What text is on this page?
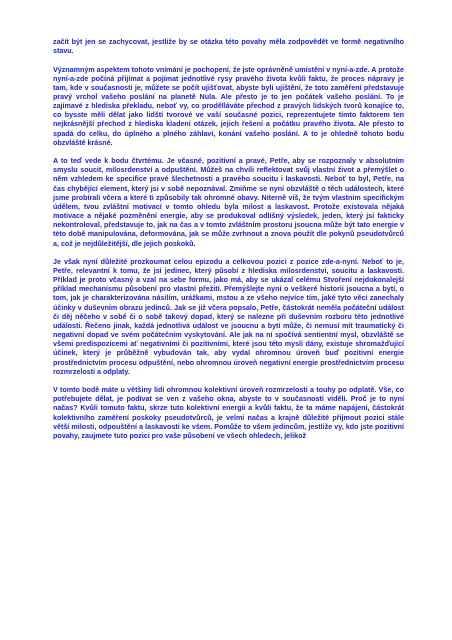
začít být jen se zachycovat, jestliže by se otázka této povahy měla zodpovědět ve formě negativního stavu.

Významným aspektem tohoto vnímání je pochopení, že jste oprávněně umístění v nyní-a-zde. A protože nyní-a-zde počíná přijímat a pojímat jednotlivé rysy pravého života kvůli faktu, že proces nápravy je tam, kde v současnosti je, můžete se počít ujišťovat, abyste byli ujištění, že toto zaměření představuje pravý vrchol vašeho poslání na planetě Nula. Ale přesto je to jen počátek vašeho poslání. To je zajímavé z hlediska překladu, neboť vy, co prodělláváte přechod z pravých lidských tvorů konajíce to, co bysste měli dělat jako lidští tvorové ve vaší současné pozici, reprezentujete tímto faktorem ten nejkrásnější přechod z hlediska kladení otázek, jejich řešení a počátku pravého života. Ale přesto to spadá do celku, do úplného a plného záhlaví, konání vašeho poslání. A to je ohledně tohoto bodu obzvláště krásné.

A to teď vede k bodu čtvrtému. Je včasné, pozitivní a pravé, Petře, aby se rozpoznaly v absolutním smyslu soucit, milosrdenství a odpuštění. Můžeš na chvíli reflektovat svůj vlastní život a přemýšlet o něm vzhledem ke specifice pravé šlechetnosti a pravého soucitu i laskavosti. Neboť to byl, Petře, na čas chybějící element, který jsi v sobě nepoznával. Zmiňme se nyní obzvláště o těch událostech, které jsme probírali včera a které ti způsobily tak ohromné obavy. Niterně víš, že tvým vlastním specifickým údělem, tvou zvláštní motivací v tomto ohledu byla milost a laskavost. Protože existovala nějaká motivace a nějaké pozměnění energie, aby se produkoval odlišný výsledek, jeden, který jsi fakticky nekontroloval, představuje to, jak na čas a v tomto zvláštním prostoru jsoucna může být tato energie v této době manipulována, deformována, jak se může zvrhnout a znova použít dle pokynů pseudotvůrců a, což je nejdůležitější, dle jejich poskoků.

Je však nyní důležité prozkoumat celou epizodu a celkovou pozici z pozice zde-a-nyní. Neboť to je, Petře, relevantní k tomu, že jsi jedinec, který působí z hlediska milosrdenství, soucitu a laskavosti. Příklad je proto včasný a vzal na sebe formu, jako má, aby se ukázal celému Stvoření nejdokonalejší příklad mechanismu působení pro vlastní přežití. Přemýšlejte nyní o veškeré historii jsoucna a bytí, o tom, jak je charakterizována násilím, urážkami, mstou a ze všeho nejvíce tím, jaké tyto věci zanechaly účinky v duševním obrazu jedinců. Jak se již včera popsalo, Petře, částokrát neměla počáteční událost či děj něčeho v sobě či o sobě takový dopad, který se nalezne při duševním rozboru této jednotlivé události. Řečeno jinak, každá jednotlivá událost ve jsoucnu a bytí může, či nemusí mít traumatický či negativní dopad ve svém počátečním vyskytování. Ale jak na ní spočívá sentientní mysl, obzvláště se všemi predispozicemi ať negativními či pozitivními, které jsou této mysli dány, existuje shromažďující účinek, který je průběžně vybudován tak, aby vydal ohromnou úroveň buď pozitivní energie prostřednictvím procesu odpuštění, nebo ohromnou úroveň negativní energie prostřednictvím procesu rozmrzelosti a odplaty.

V tomto bodě máte u většiny lidí ohromnou kolektivní úroveň rozmrzelosti a touhy po odplatě. Vše, co potřebujete dělat, je podívat se ven z vašeho okna, abyste to v současnosti viděli. Proč je to nyní načas? Kvůli tomuto faktu, skrze tuto kolektivní energii a kvůli faktu, že ta máme napájení, částokrát kolektivního zaměření poskoky pseudotvůrců, je velmi načas a krajně důležité přijmout pozici stále větší milosti, odpouštění a laskavosti ke všem. Pomůže to všem jedincům, jestliže vy, kdo jste pozitivní povahy, zaujmete tuto pozici pro vaše působení ve všech ohledech, jelikož
